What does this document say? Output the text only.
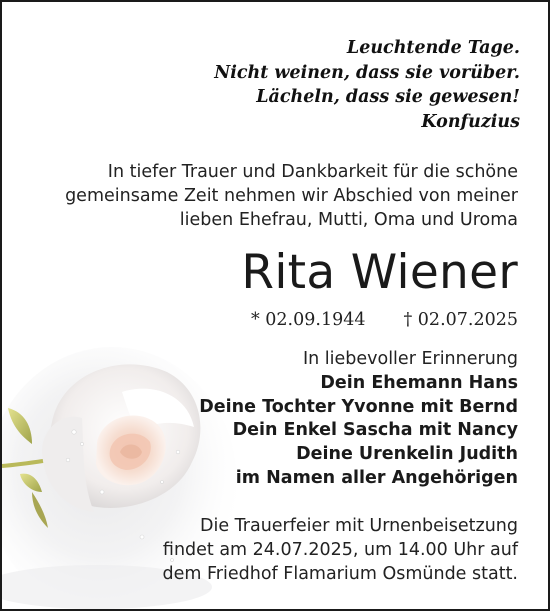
Leuchtende Tage.
Nicht weinen, dass sie vorüber.
Lächeln, dass sie gewesen!
Konfuzius
In tiefer Trauer und Dankbarkeit für die schöne
gemeinsame Zeit nehmen wir Abschied von meiner
lieben Ehefrau, Mutti, Oma und Uroma
Rita Wiener
* 02.09.1944 † 02.07.2025
In liebevoller Erinnerung
Dein Ehemann Hans
Deine Tochter Yvonne mit Bernd
Dein Enkel Sascha mit Nancy
Deine Urenkelin Judith
im Namen aller Angehörigen
Die Trauerfeier mit Urnenbeisetzung
findet am 24.07.2025, um 14.00 Uhr auf
dem Friedhof Flamarium Osmünde statt.
